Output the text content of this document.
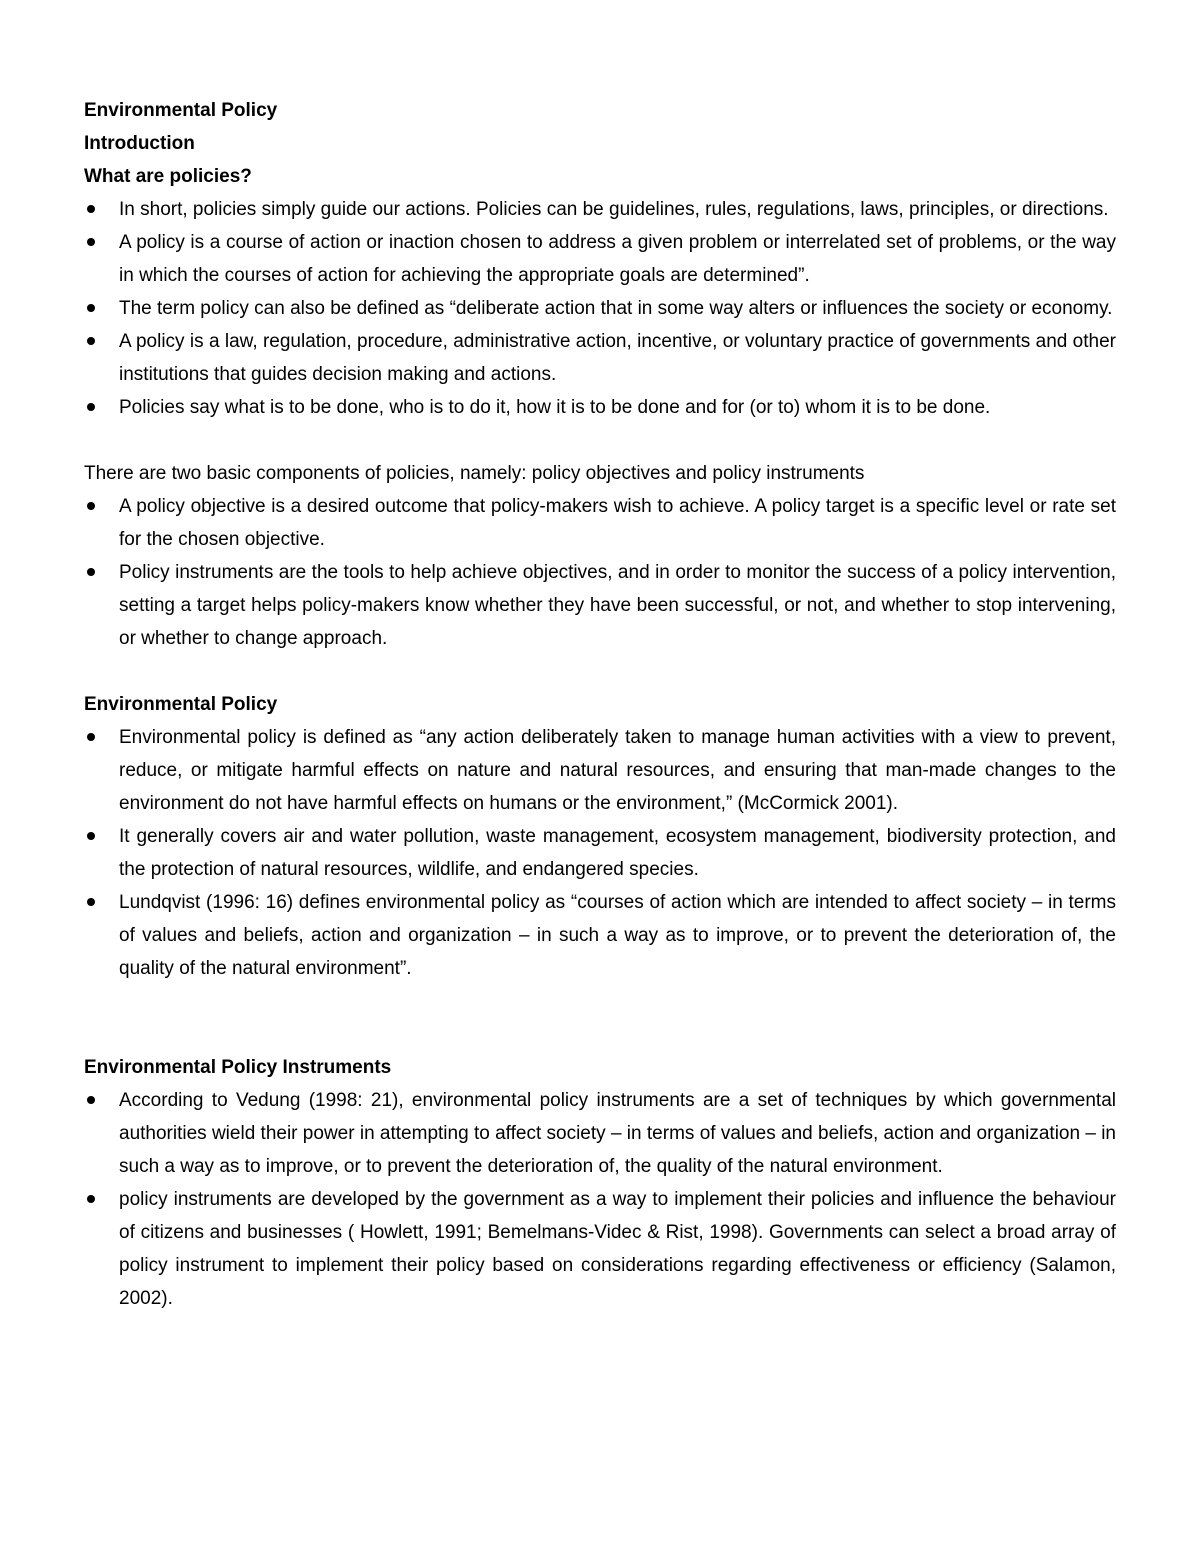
Environmental Policy

Introduction

What are policies?

In short, policies simply guide our actions. Policies can be guidelines, rules, regulations, laws, principles, or directions.
A policy is a course of action or inaction chosen to address a given problem or interrelated set of problems, or the way in which the courses of action for achieving the appropriate goals are determined”.
The term policy can also be defined as “deliberate action that in some way alters or influences the society or economy.
A policy is a law, regulation, procedure, administrative action, incentive, or voluntary practice of governments and other institutions that guides decision making and actions.
Policies say what is to be done, who is to do it, how it is to be done and for (or to) whom it is to be done.

There are two basic components of policies, namely: policy objectives and policy instruments

A policy objective is a desired outcome that policy-makers wish to achieve. A policy target is a specific level or rate set for the chosen objective.
Policy instruments are the tools to help achieve objectives, and in order to monitor the success of a policy intervention, setting a target helps policy-makers know whether they have been successful, or not, and whether to stop intervening, or whether to change approach.

Environmental Policy

Environmental policy is defined as “any action deliberately taken to manage human activities with a view to prevent, reduce, or mitigate harmful effects on nature and natural resources, and ensuring that man-made changes to the environment do not have harmful effects on humans or the environment,” (McCormick 2001).
It generally covers air and water pollution, waste management, ecosystem management, biodiversity protection, and the protection of natural resources, wildlife, and endangered species.
Lundqvist (1996: 16) defines environmental policy as “courses of action which are intended to affect society – in terms of values and beliefs, action and organization – in such a way as to improve, or to prevent the deterioration of, the quality of the natural environment”.

Environmental Policy Instruments

According to Vedung (1998: 21), environmental policy instruments are a set of techniques by which governmental authorities wield their power in attempting to affect society – in terms of values and beliefs, action and organization – in such a way as to improve, or to prevent the deterioration of, the quality of the natural environment.
policy instruments are developed by the government as a way to implement their policies and influence the behaviour of citizens and businesses ( Howlett, 1991; Bemelmans-Videc & Rist, 1998). Governments can select a broad array of policy instrument to implement their policy based on considerations regarding effectiveness or efficiency (Salamon, 2002).
